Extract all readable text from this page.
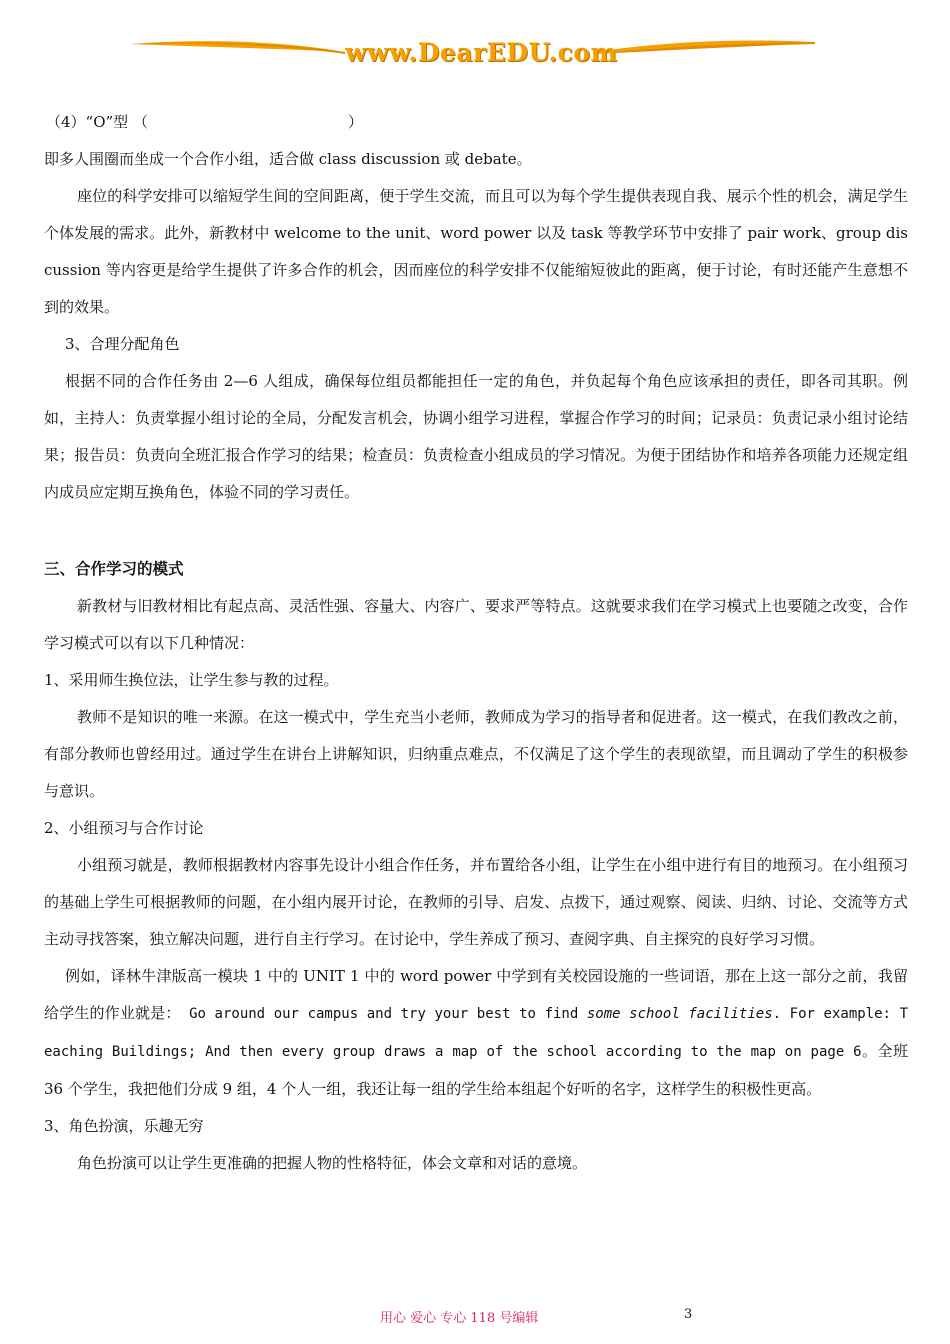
www.DearEDU.com

（4）“O”型 （	）

即多人围圈而坐成一个合作小组，适合做 class discussion 或 debate。

座位的科学安排可以缩短学生间的空间距离，便于学生交流，而且可以为每个学生提供表现自我、展示个性的机会，满足学生个体发展的需求。此外，新教材中 welcome to the unit、word power 以及 task 等教学环节中安排了 pair work、group discussion 等内容更是给学生提供了许多合作的机会，因而座位的科学安排不仅能缩短彼此的距离，便于讨论，有时还能产生意想不到的效果。

3、合理分配角色

根据不同的合作任务由 2—6 人组成，确保每位组员都能担任一定的角色，并负起每个角色应该承担的责任，即各司其职。例如，主持人：负责掌握小组讨论的全局，分配发言机会，协调小组学习进程，掌握合作学习的时间；记录员：负责记录小组讨论结果；报告员：负责向全班汇报合作学习的结果；检查员：负责检查小组成员的学习情况。为便于团结协作和培养各项能力还规定组内成员应定期互换角色，体验不同的学习责任。

三、合作学习的模式

新教材与旧教材相比有起点高、灵活性强、容量大、内容广、要求严等特点。这就要求我们在学习模式上也要随之改变，合作学习模式可以有以下几种情况：

1、采用师生换位法，让学生参与教的过程。

教师不是知识的唯一来源。在这一模式中，学生充当小老师，教师成为学习的指导者和促进者。这一模式，在我们教改之前，有部分教师也曾经用过。通过学生在讲台上讲解知识，归纳重点难点，不仅满足了这个学生的表现欲望，而且调动了学生的积极参与意识。

2、小组预习与合作讨论

小组预习就是，教师根据教材内容事先设计小组合作任务，并布置给各小组，让学生在小组中进行有目的地预习。在小组预习的基础上学生可根据教师的问题，在小组内展开讨论，在教师的引导、启发、点拨下，通过观察、阅读、归纳、讨论、交流等方式主动寻找答案，独立解决问题，进行自主行学习。在讨论中，学生养成了预习、查阅字典、自主探究的良好学习习惯。

例如，译林牛津版高一模块 1 中的 UNIT 1 中的 word power 中学到有关校园设施的一些词语，那在上这一部分之前，我留给学生的作业就是： Go around our campus and try your best to find some school facilities. For example: Teaching Buildings; And then every group draws a map of the school according to the map on page 6。全班 36 个学生，我把他们分成 9 组，4 个人一组，我还让每一组的学生给本组起个好听的名字，这样学生的积极性更高。

3、角色扮演，乐趣无穷

角色扮演可以让学生更准确的把握人物的性格特征，体会文章和对话的意境。

用心 爱心 专心 118 号编辑	3
